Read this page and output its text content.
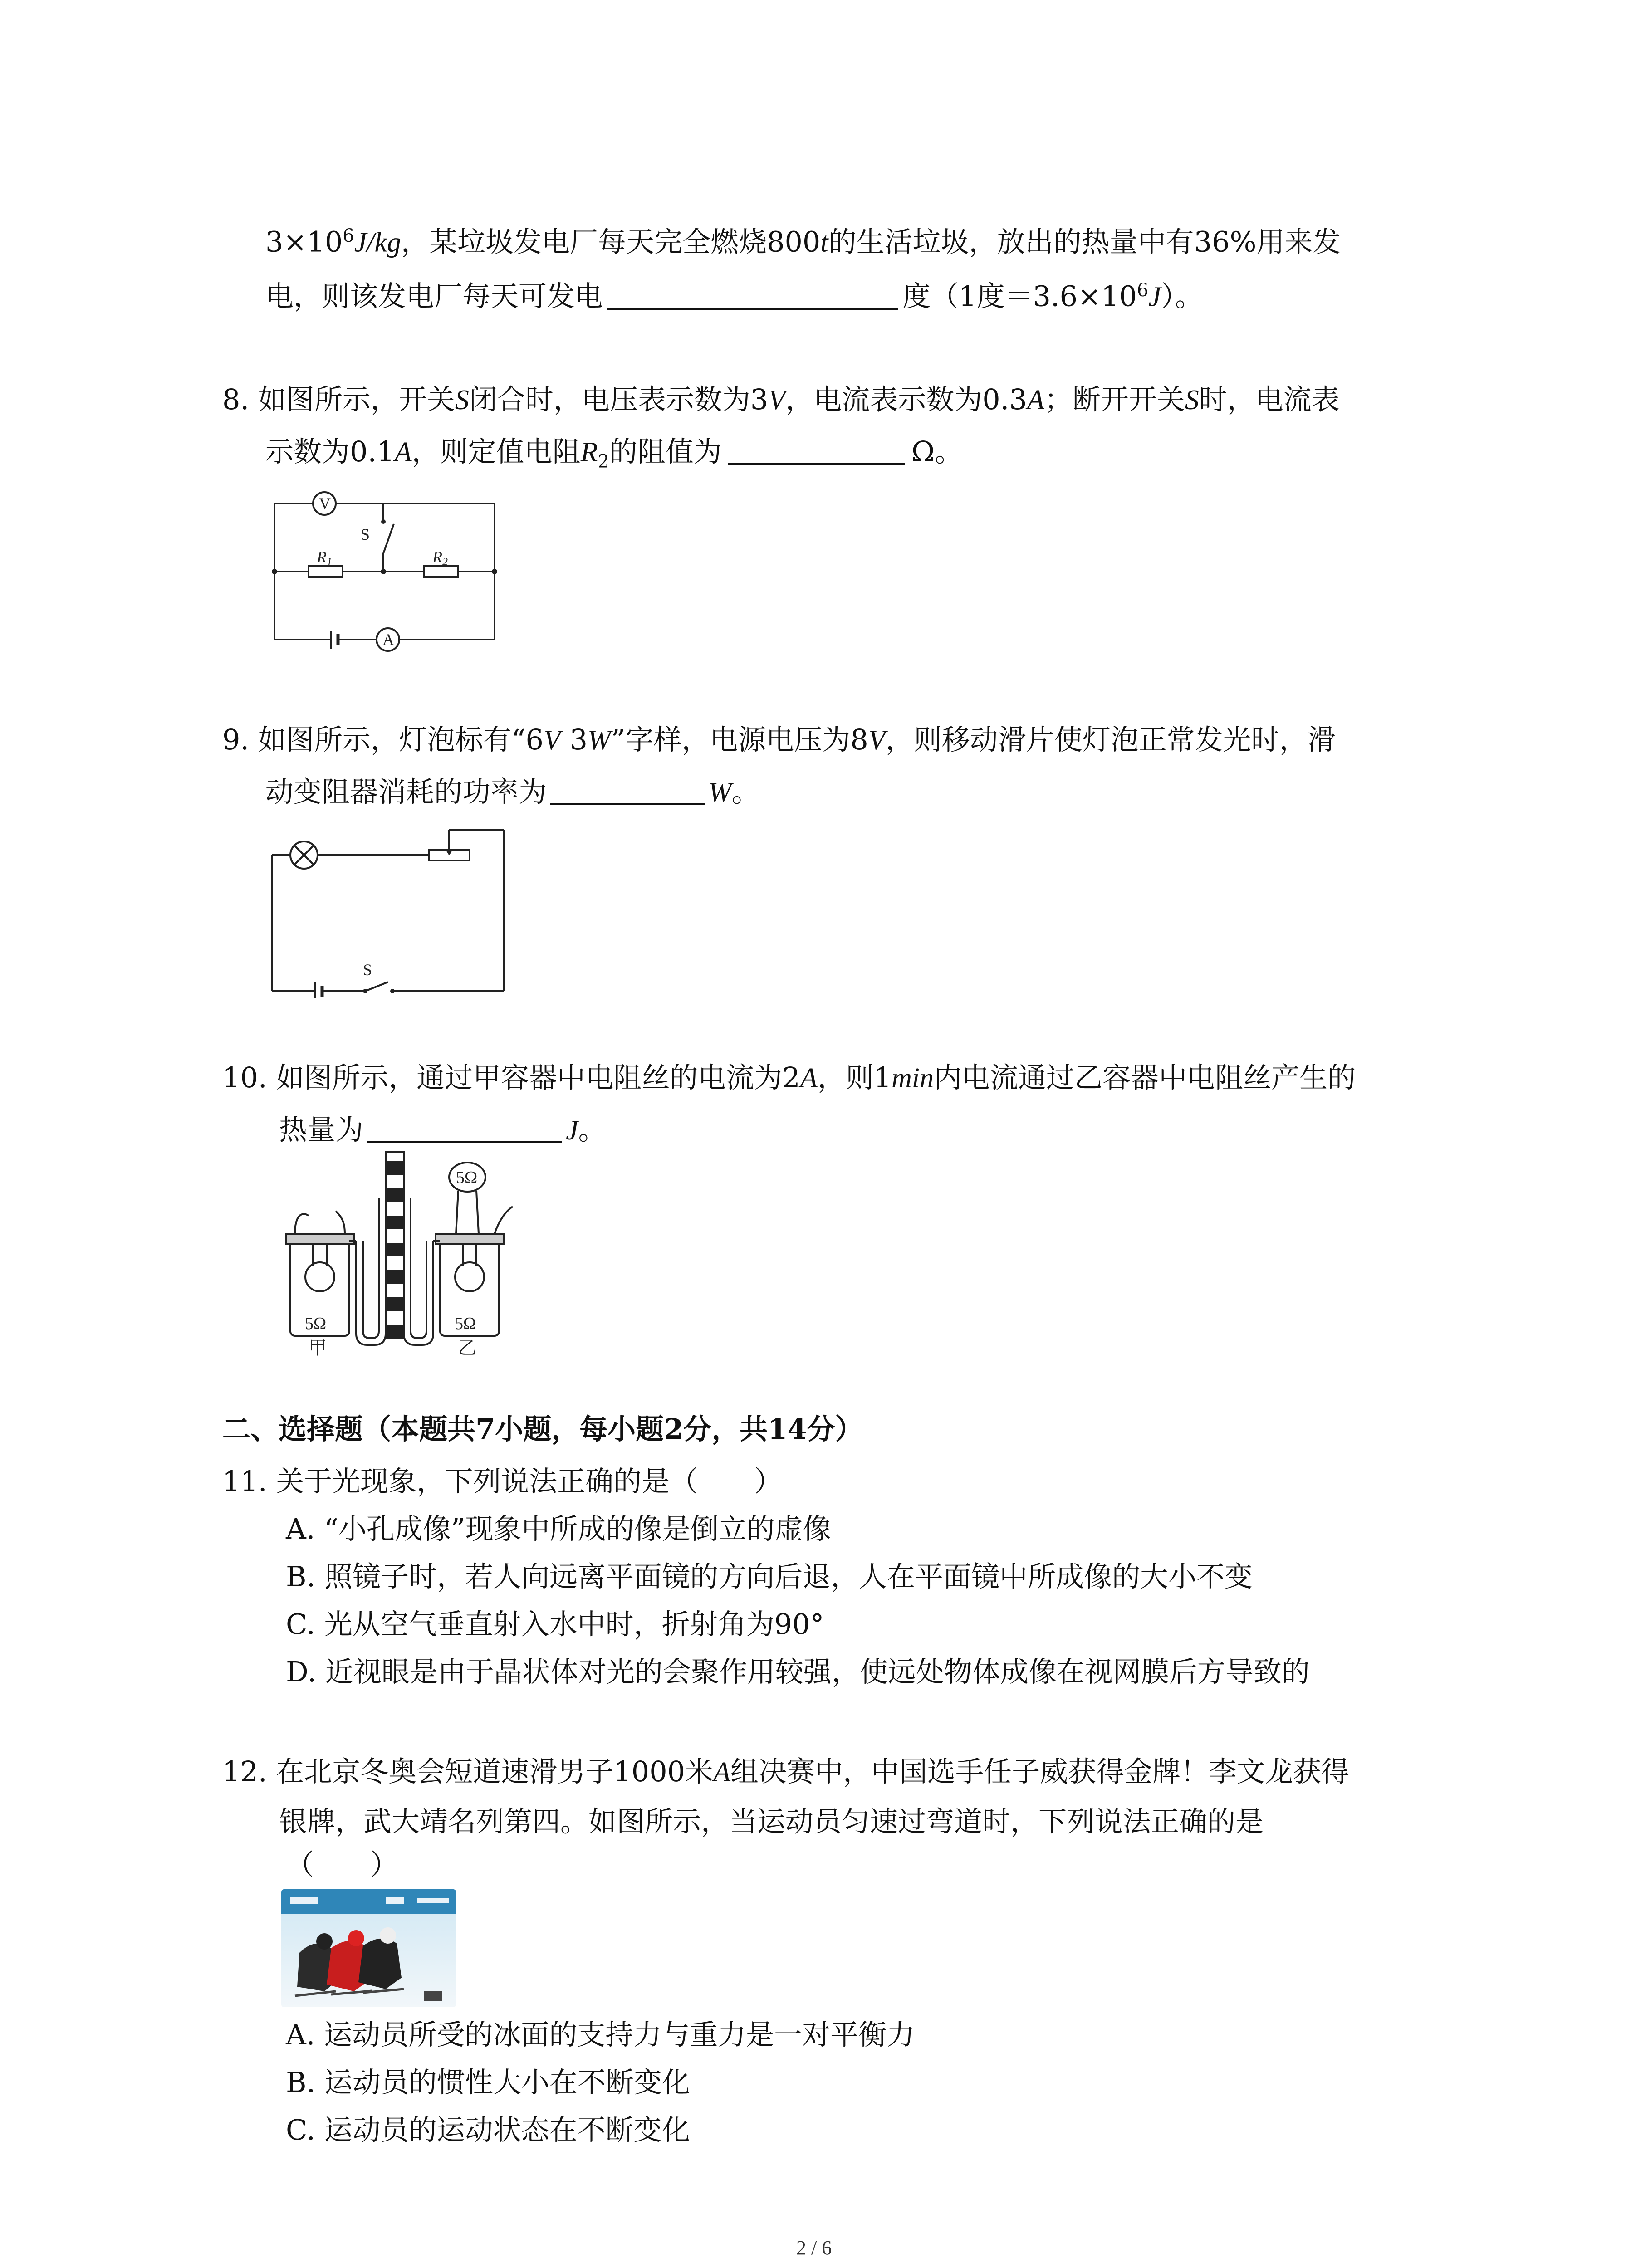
$3\times 10^6J/kg$，某垃圾发电厂每天完全燃烧800t的生活垃圾，放出的热量中有36%用来发
电，则该发电厂每天可发电	度（1度$=3.6\times 10^6J$）。
8. 如图所示，开关S闭合时，电压表示数为3V，电流表示数为0.3A；断开开关S时，电流表
示数为0.1A，则定值电阻$R_2$的阻值为	Ω。
V
A
S
R1	R2
9. 如图所示，灯泡标有“6V 3W”字样，电源电压为8V，则移动滑片使灯泡正常发光时，滑
动变阻器消耗的功率为	W。
S
10. 如图所示，通过甲容器中电阻丝的电流为2A，则1min内电流通过乙容器中电阻丝产生的
热量为	J。
5Ω	5Ω
5Ω
甲	乙
二、选择题（本题共7小题，每小题2分，共14分）
11. 关于光现象，下列说法正确的是（　　）
A. “小孔成像”现象中所成的像是倒立的虚像
B. 照镜子时，若人向远离平面镜的方向后退，人在平面镜中所成像的大小不变
C. 光从空气垂直射入水中时，折射角为90°
D. 近视眼是由于晶状体对光的会聚作用较强，使远处物体成像在视网膜后方导致的
12. 在北京冬奥会短道速滑男子1000米A组决赛中，中国选手任子威获得金牌！李文龙获得
银牌，武大靖名列第四。如图所示，当运动员匀速过弯道时，下列说法正确的是
（　　）
A. 运动员所受的冰面的支持力与重力是一对平衡力
B. 运动员的惯性大小在不断变化
C. 运动员的运动状态在不断变化
2 / 6
